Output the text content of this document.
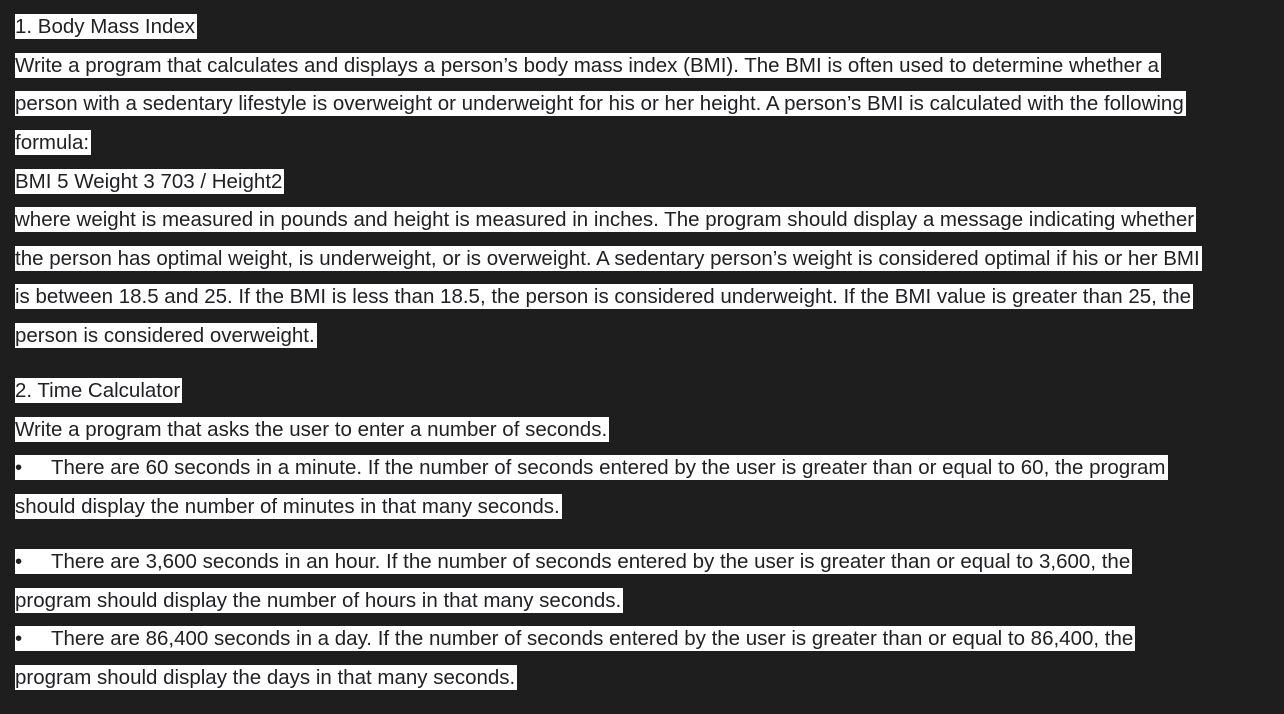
1. Body Mass Index
Write a program that calculates and displays a person’s body mass index (BMI). The BMI is often used to determine whether a
person with a sedentary lifestyle is overweight or underweight for his or her height. A person’s BMI is calculated with the following
formula:
BMI 5 Weight 3 703 / Height2
where weight is measured in pounds and height is measured in inches. The program should display a message indicating whether
the person has optimal weight, is underweight, or is overweight. A sedentary person’s weight is considered optimal if his or her BMI
is between 18.5 and 25. If the BMI is less than 18.5, the person is considered underweight. If the BMI value is greater than 25, the
person is considered overweight.
2. Time Calculator
Write a program that asks the user to enter a number of seconds.
• There are 60 seconds in a minute. If the number of seconds entered by the user is greater than or equal to 60, the program
should display the number of minutes in that many seconds.
• There are 3,600 seconds in an hour. If the number of seconds entered by the user is greater than or equal to 3,600, the
program should display the number of hours in that many seconds.
• There are 86,400 seconds in a day. If the number of seconds entered by the user is greater than or equal to 86,400, the
program should display the days in that many seconds.
